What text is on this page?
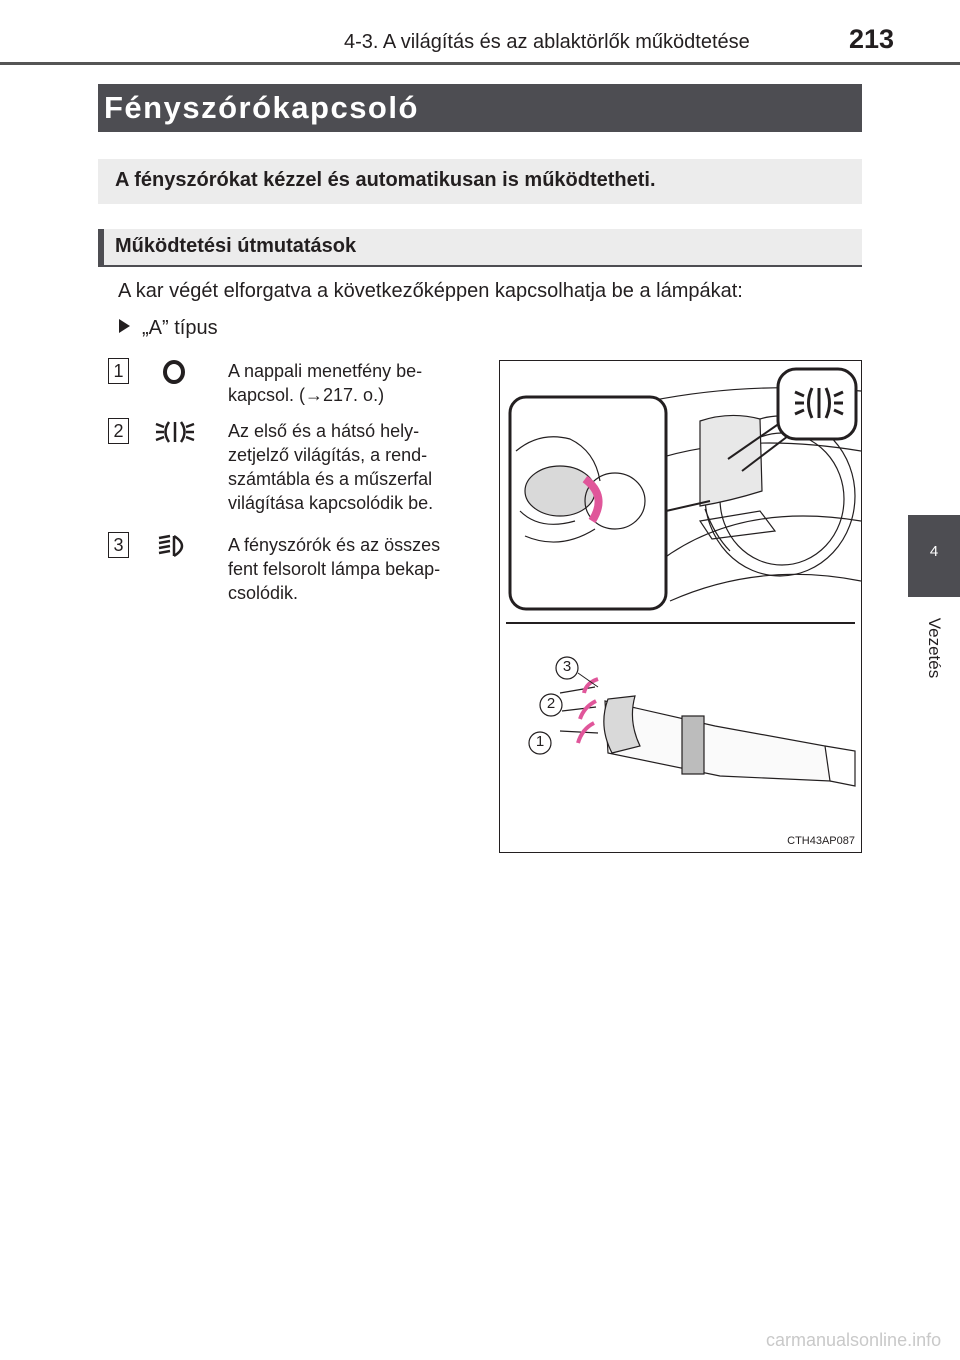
4-3. A világítás és az ablaktörlők működtetése	213
4
Vezetés
Fényszórókapcsoló
A fényszórókat kézzel és automatikusan is működtetheti.
Működtetési útmutatások
A kar végét elforgatva a következőképpen kapcsolhatja be a lámpákat:
„A” típus
1	A nappali menetfény be-
kapcsol. (→217. o.)
2	Az első és a hátsó hely-
zetjelző világítás, a rend-
számtábla és a műszerfal
világítása kapcsolódik be.
3	A fényszórók és az összes
fent felsorolt lámpa bekap-
csolódik.
3
2
1
CTH43AP087
carmanualsonline.info
